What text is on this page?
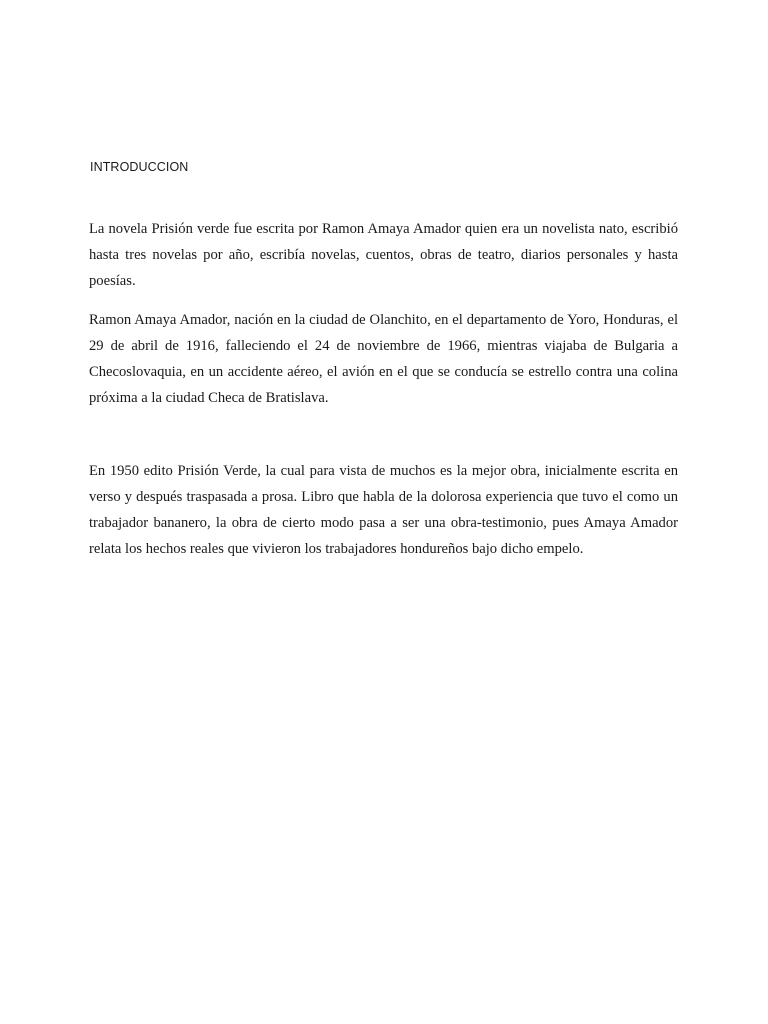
INTRODUCCION

La novela Prisión verde fue escrita por Ramon Amaya Amador quien era un novelista nato, escribió hasta tres novelas por año, escribía novelas, cuentos, obras de teatro, diarios personales y hasta poesías.

Ramon Amaya Amador, nación en la ciudad de Olanchito, en el departamento de Yoro, Honduras, el 29 de abril de 1916, falleciendo el 24 de noviembre de 1966, mientras viajaba de Bulgaria a Checoslovaquia, en un accidente aéreo, el avión en el que se conducía se estrello contra una colina próxima a la ciudad Checa de Bratislava.

En 1950 edito Prisión Verde, la cual para vista de muchos es la mejor obra, inicialmente escrita en verso y después traspasada a prosa. Libro que habla de la dolorosa experiencia que tuvo el como un trabajador bananero, la obra de cierto modo pasa a ser una obra-testimonio, pues Amaya Amador relata los hechos reales que vivieron los trabajadores hondureños bajo dicho empelo.
